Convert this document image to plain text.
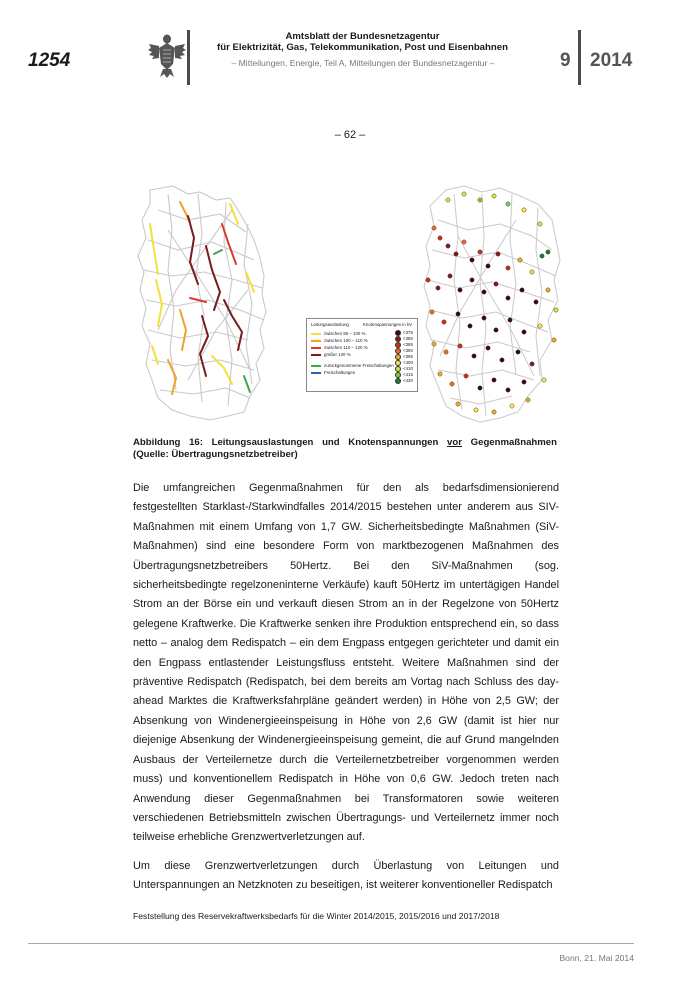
1254
Amtsblatt der Bundesnetzagentur
für Elektrizität, Gas, Telekommunikation, Post und Eisenbahnen
– Mitteilungen, Energie, Teil A, Mitteilungen der Bundesnetzagentur –	9 2014
– 62 –
Leitungsauslastung	Knotenspannungen in kV
zwischen 90 – 100 %
zwischen 100 – 110 %
zwischen 110 – 120 %
größer 120 %
zurückgenommene Freischaltungen
Freischaltungen
<375
<380
<385
<390
<395
<400
<410
<415
<420
Abbildung 16: Leitungsauslastungen und Knotenspannungen vor Gegenmaßnahmen (Quelle: Übertragungsnetzbetreiber)

Die umfangreichen Gegenmaßnahmen für den als bedarfsdimensionierend festgestellten Starklast-/Starkwindfalles 2014/2015 bestehen unter anderem aus SIV-Maßnahmen mit einem Umfang von 1,7 GW. Sicherheitsbedingte Maßnahmen (SiV-Maßnahmen) sind eine besondere Form von marktbezogenen Maßnahmen des Übertragungsnetzbetreibers 50Hertz. Bei den SiV-Maßnahmen (sog. sicherheitsbedingte regelzoneninterne Verkäufe) kauft 50Hertz im untertägigen Handel Strom an der Börse ein und verkauft diesen Strom an in der Regelzone von 50Hertz gelegene Kraftwerke. Die Kraftwerke senken ihre Produktion entsprechend ein, so dass netto – analog dem Redispatch – ein dem Engpass entgegen gerichteter und damit ein den Engpass entlastender Leistungsfluss entsteht. Weitere Maßnahmen sind der präventive Redispatch (Redispatch, bei dem bereits am Vortag nach Schluss des day-ahead Marktes die Kraftwerksfahrpläne geändert werden) in Höhe von 2,5 GW; der Absenkung von Windenergieeinspeisung in Höhe von 2,6 GW (damit ist hier nur diejenige Absenkung der Windenergieeinspeisung gemeint, die auf Grund mangelnden Ausbaus der Verteilernetze durch die Verteilernetzbetreiber vorgenommen werden muss) und konventionellem Redispatch in Höhe von 0,6 GW. Jedoch treten nach Anwendung dieser Gegenmaßnahmen bei Transformatoren sowie weiteren verschiedenen Betriebsmitteln zwischen Übertragungs- und Verteilernetz immer noch teilweise erhebliche Grenzwertverletzungen auf.

Um diese Grenzwertverletzungen durch Überlastung von Leitungen und Unterspannungen an Netzknoten zu beseitigen, ist weiterer konventioneller Redispatch

Feststellung des Reservekraftwerksbedarfs für die Winter 2014/2015, 2015/2016 und 2017/2018
Bonn, 21. Mai 2014
